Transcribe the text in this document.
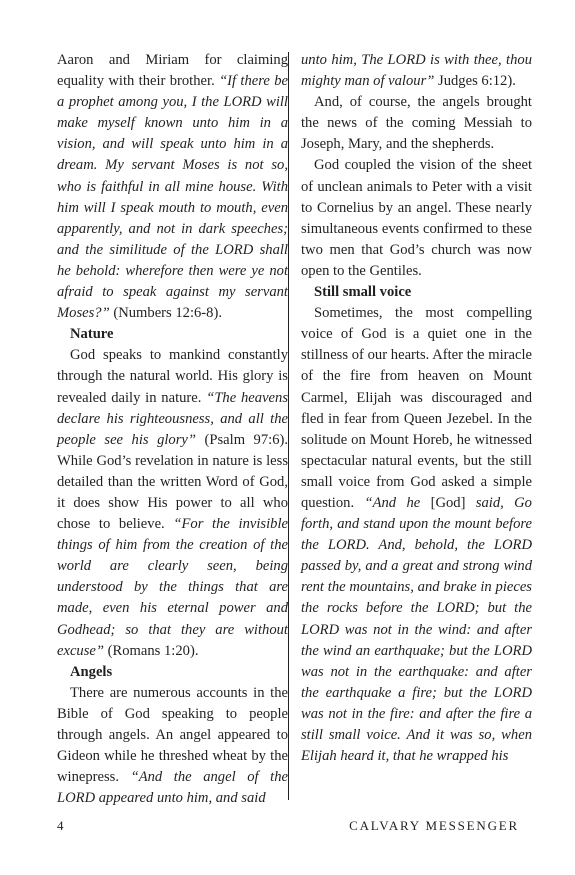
Aaron and Miriam for claiming equality with their brother. “If there be a prophet among you, I the LORD will make myself known unto him in a vision, and will speak unto him in a dream. My servant Moses is not so, who is faithful in all mine house. With him will I speak mouth to mouth, even apparently, and not in dark speeches; and the similitude of the LORD shall he behold: wherefore then were ye not afraid to speak against my servant Moses?” (Numbers 12:6-8).

Nature

God speaks to mankind constantly through the natural world. His glory is revealed daily in nature. “The heavens declare his righteousness, and all the people see his glory” (Psalm 97:6). While God’s revelation in nature is less detailed than the written Word of God, it does show His power to all who chose to believe. “For the invisible things of him from the creation of the world are clearly seen, being understood by the things that are made, even his eternal power and Godhead; so that they are without excuse” (Romans 1:20).

Angels

There are numerous accounts in the Bible of God speaking to people through angels. An angel appeared to Gideon while he threshed wheat by the winepress. “And the angel of the LORD appeared unto him, and said

unto him, The LORD is with thee, thou mighty man of valour” Judges 6:12).

And, of course, the angels brought the news of the coming Messiah to Joseph, Mary, and the shepherds.

God coupled the vision of the sheet of unclean animals to Peter with a visit to Cornelius by an angel. These nearly simultaneous events confirmed to these two men that God’s church was now open to the Gentiles.

Still small voice

Sometimes, the most compelling voice of God is a quiet one in the stillness of our hearts. After the miracle of the fire from heaven on Mount Carmel, Elijah was discouraged and fled in fear from Queen Jezebel. In the solitude on Mount Horeb, he witnessed spectacular natural events, but the still small voice from God asked a simple question. “And he [God] said, Go forth, and stand upon the mount before the LORD. And, behold, the LORD passed by, and a great and strong wind rent the mountains, and brake in pieces the rocks before the LORD; but the LORD was not in the wind: and after the wind an earthquake; but the LORD was not in the earthquake: and after the earthquake a fire; but the LORD was not in the fire: and after the fire a still small voice. And it was so, when Elijah heard it, that he wrapped his

4	CALVARY MESSENGER
